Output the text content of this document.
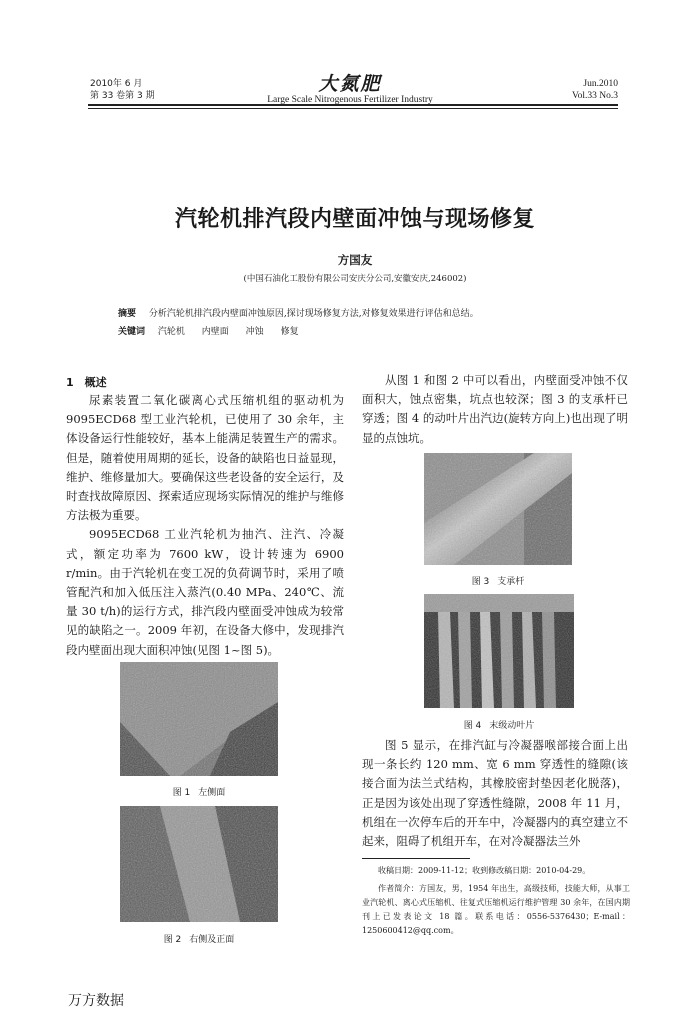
2010年 6 月
第 33 卷第 3 期
大氮肥
Large Scale Nitrogenous Fertilizer Industry
Jun.2010
Vol.33 No.3
汽轮机排汽段内壁面冲蚀与现场修复
方国友
(中国石油化工股份有限公司安庆分公司,安徽安庆,246002)
摘要 分析汽轮机排汽段内壁面冲蚀原因,探讨现场修复方法,对修复效果进行评估和总结。
关键词 汽轮机 内壁面 冲蚀 修复
1　概述

尿素装置二氧化碳离心式压缩机组的驱动机为 9095ECD68 型工业汽轮机，已使用了 30 余年，主体设备运行性能较好，基本上能满足装置生产的需求。但是，随着使用周期的延长，设备的缺陷也日益显现，维护、维修量加大。要确保这些老设备的安全运行，及时查找故障原因、探索适应现场实际情况的维护与维修方法极为重要。

9095ECD68 工业汽轮机为抽汽、注汽、冷凝式，额定功率为 7600 kW，设计转速为 6900 r/min。由于汽轮机在变工况的负荷调节时，采用了喷管配汽和加入低压注入蒸汽(0.40 MPa、240℃、流量 30 t/h)的运行方式，排汽段内壁面受冲蚀成为较常见的缺陷之一。2009 年初，在设备大修中，发现排汽段内壁面出现大面积冲蚀(见图 1~图 5)。

图 1 左侧面
图 2 右侧及正面

从图 1 和图 2 中可以看出，内壁面受冲蚀不仅面积大，蚀点密集，坑点也较深；图 3 的支承杆已穿透；图 4 的动叶片出汽边(旋转方向上)也出现了明显的点蚀坑。

图 3 支承杆
图 4 末级动叶片

图 5 显示，在排汽缸与冷凝器喉部接合面上出现一条长约 120 mm、宽 6 mm 穿透性的缝隙(该接合面为法兰式结构，其橡胶密封垫因老化脱落)，正是因为该处出现了穿透性缝隙，2008 年 11 月，机组在一次停车后的开车中，冷凝器内的真空建立不起来，阻碍了机组开车，在对冷凝器法兰外

收稿日期：2009-11-12；收到修改稿日期：2010-04-29。
作者简介：方国友，男，1954 年出生，高级技师，技能大师，从事工业汽轮机、离心式压缩机、往复式压缩机运行维护管理 30 余年，在国内期刊上已发表论文 18 篇。联系电话：0556-5376430；E-mail：1250600412@qq.com。
万方数据
